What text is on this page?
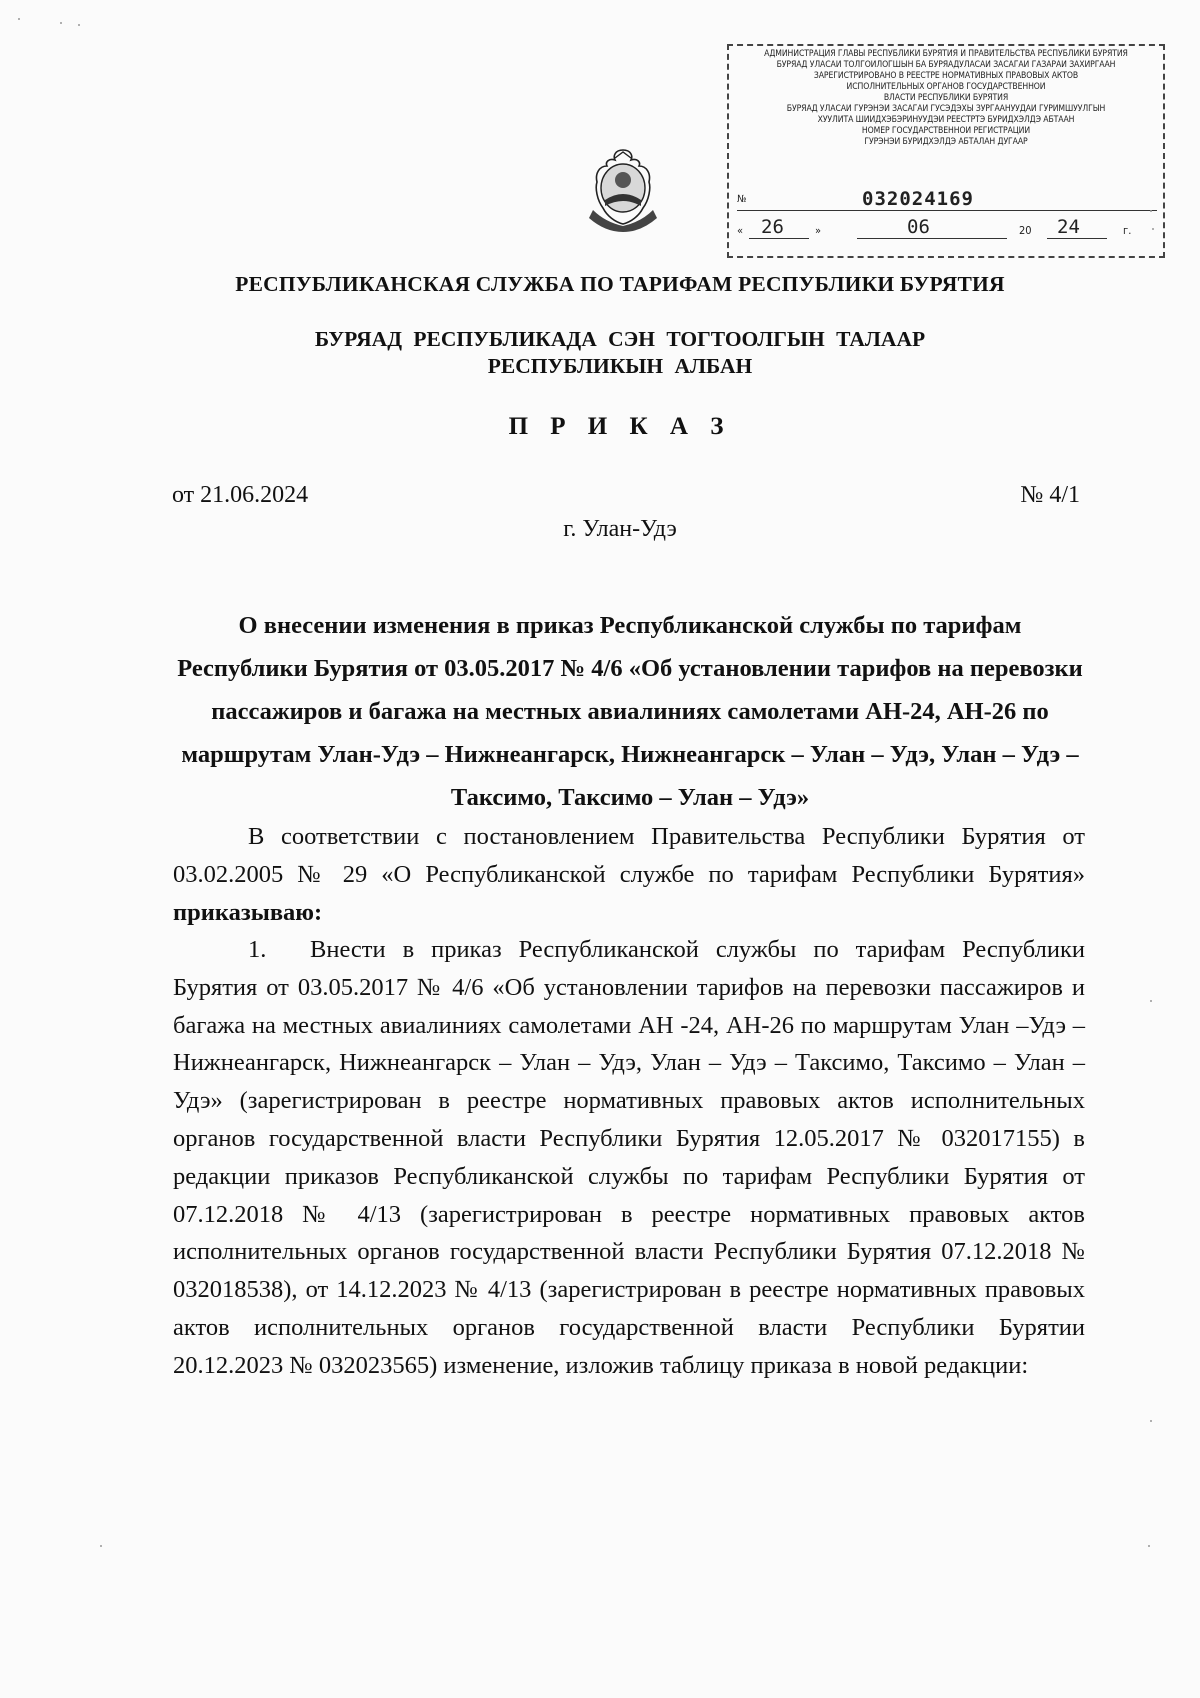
АДМИНИСТРАЦИЯ ГЛАВЫ РЕСПУБЛИКИ БУРЯТИЯ И ПРАВИТЕЛЬСТВА РЕСПУБЛИКИ БУРЯТИЯ
БУРЯАД УЛАСАЙ ТОЛГОЙЛОГШЫН БА БУРЯАДУЛАСАЙ ЗАСАГАЙ ГАЗАРАЙ ЗАХИРГААН
ЗАРЕГИСТРИРОВАНО В РЕЕСТРЕ НОРМАТИВНЫХ ПРАВОВЫХ АКТОВ
ИСПОЛНИТЕЛЬНЫХ ОРГАНОВ ГОСУДАРСТВЕННОЙ
ВЛАСТИ РЕСПУБЛИКИ БУРЯТИЯ
БУРЯАД УЛАСАЙ ГУРЭНЭЙ ЗАСАГАЙ ГУСЭДЭХЫ ЗУРГААНУУДАЙ ГУРИМШУУЛГЫН
ХУУЛИТА ШИИДХЭБЭРИНУУДЭЙ РЕЕСТРТЭ БУРИДХЭЛДЭ АБТААН
НОМЕР ГОСУДАРСТВЕННОЙ РЕГИСТРАЦИИ
ГУРЭНЭЙ БУРИДХЭЛДЭ АБТАЛАН ДУГААР
№	032024169
« 26	»	06	20 24	г.
РЕСПУБЛИКАНСКАЯ СЛУЖБА ПО ТАРИФАМ РЕСПУБЛИКИ БУРЯТИЯ
БУРЯАД РЕСПУБЛИКАДА СЭН ТОГТООЛГЫН ТАЛААР
РЕСПУБЛИКЫН АЛБАН
П Р И К А З
от 21.06.2024	№ 4/1
г. Улан-Удэ
О внесении изменения в приказ Республиканской службы по тарифам Республики Бурятия от 03.05.2017 № 4/6 «Об установлении тарифов на перевозки пассажиров и багажа на местных авиалиниях самолетами АН-24, АН-26 по маршрутам Улан-Удэ – Нижнеангарск, Нижнеангарск – Улан – Удэ, Улан – Удэ – Таксимо, Таксимо – Улан – Удэ»
В соответствии с постановлением Правительства Республики Бурятия от 03.02.2005 № 29 «О Республиканской службе по тарифам Республики Бурятия» приказываю:
1. Внести в приказ Республиканской службы по тарифам Республики Бурятия от 03.05.2017 № 4/6 «Об установлении тарифов на перевозки пассажиров и багажа на местных авиалиниях самолетами АН -24, АН-26 по маршрутам Улан –Удэ – Нижнеангарск, Нижнеангарск – Улан – Удэ, Улан – Удэ – Таксимо, Таксимо – Улан – Удэ» (зарегистрирован в реестре нормативных правовых актов исполнительных органов государственной власти Республики Бурятия 12.05.2017 № 032017155) в редакции приказов Республиканской службы по тарифам Республики Бурятия от 07.12.2018 № 4/13 (зарегистрирован в реестре нормативных правовых актов исполнительных органов государственной власти Республики Бурятия 07.12.2018 № 032018538), от 14.12.2023 № 4/13 (зарегистрирован в реестре нормативных правовых актов исполнительных органов государственной власти Республики Бурятии 20.12.2023 № 032023565) изменение, изложив таблицу приказа в новой редакции:
